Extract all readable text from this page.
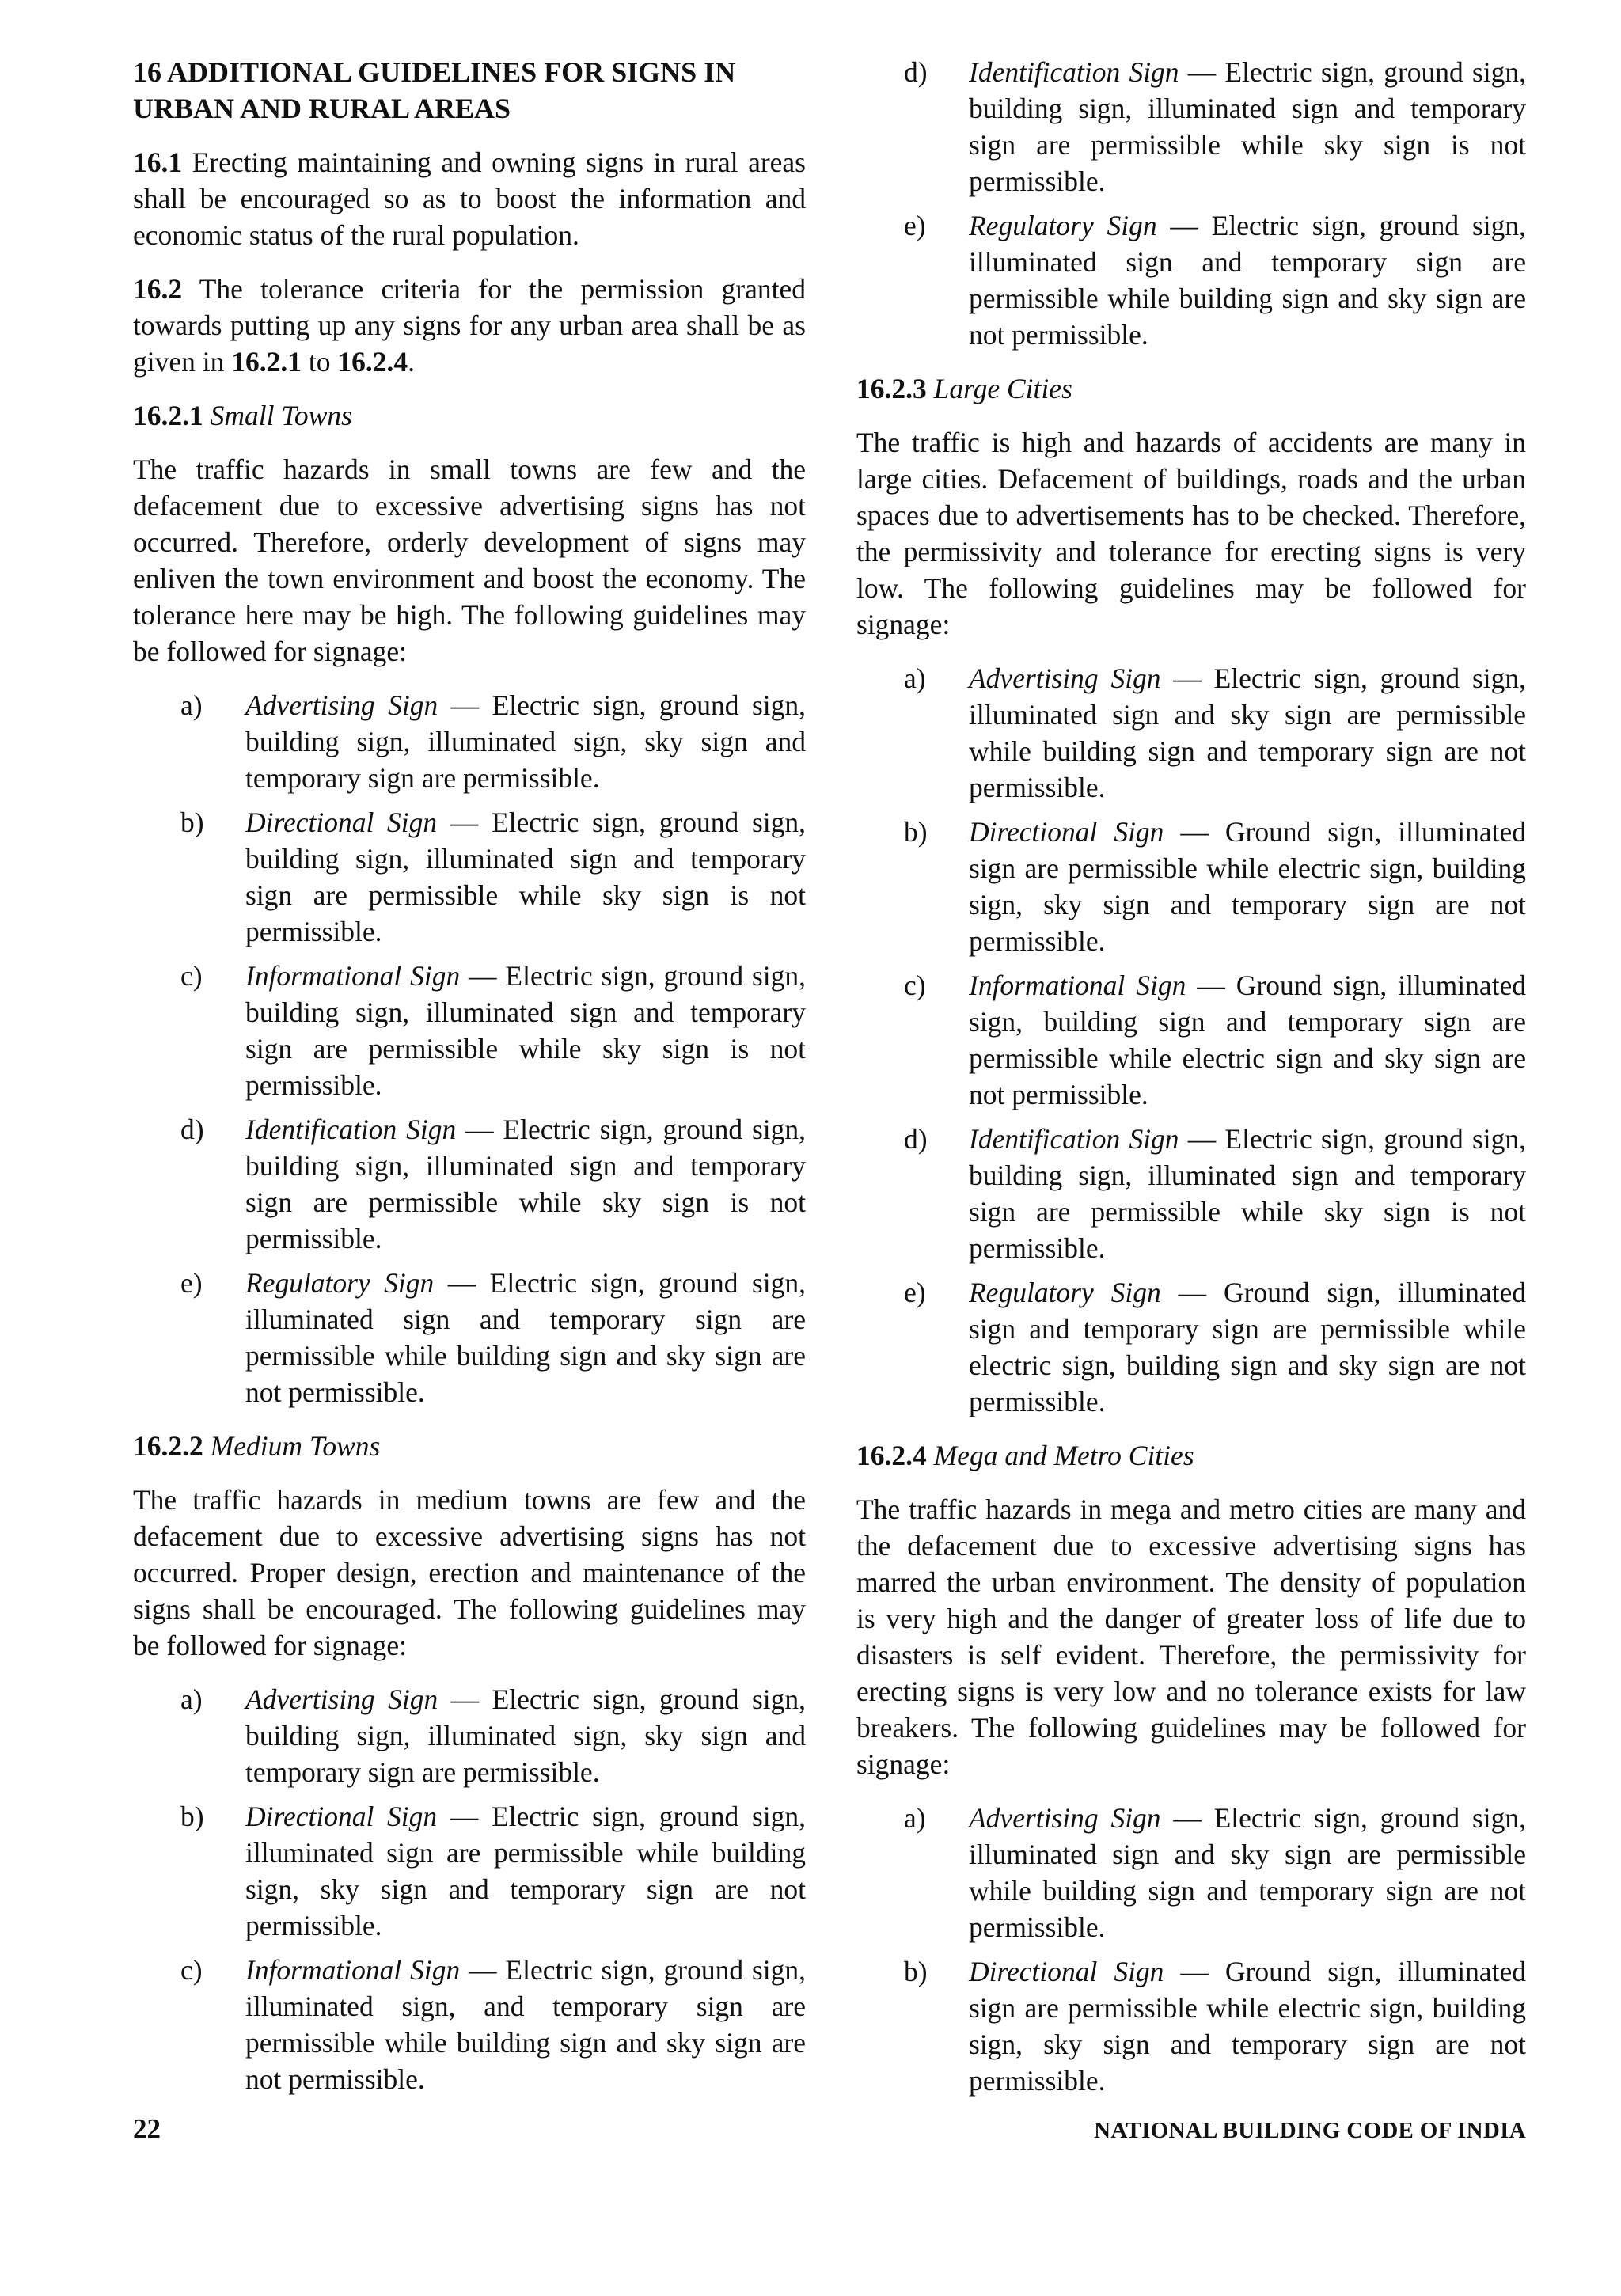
16 ADDITIONAL GUIDELINES FOR SIGNS IN URBAN AND RURAL AREAS

16.1 Erecting maintaining and owning signs in rural areas shall be encouraged so as to boost the information and economic status of the rural population.

16.2 The tolerance criteria for the permission granted towards putting up any signs for any urban area shall be as given in 16.2.1 to 16.2.4.

16.2.1 Small Towns

The traffic hazards in small towns are few and the defacement due to excessive advertising signs has not occurred. Therefore, orderly development of signs may enliven the town environment and boost the economy. The tolerance here may be high. The following guidelines may be followed for signage:

a) Advertising Sign — Electric sign, ground sign, building sign, illuminated sign, sky sign and temporary sign are permissible.
b) Directional Sign — Electric sign, ground sign, building sign, illuminated sign and temporary sign are permissible while sky sign is not permissible.
c) Informational Sign — Electric sign, ground sign, building sign, illuminated sign and temporary sign are permissible while sky sign is not permissible.
d) Identification Sign — Electric sign, ground sign, building sign, illuminated sign and temporary sign are permissible while sky sign is not permissible.
e) Regulatory Sign — Electric sign, ground sign, illuminated sign and temporary sign are permissible while building sign and sky sign are not permissible.
16.2.2 Medium Towns

The traffic hazards in medium towns are few and the defacement due to excessive advertising signs has not occurred. Proper design, erection and maintenance of the signs shall be encouraged. The following guidelines may be followed for signage:

a) Advertising Sign — Electric sign, ground sign, building sign, illuminated sign, sky sign and temporary sign are permissible.
b) Directional Sign — Electric sign, ground sign, illuminated sign are permissible while building sign, sky sign and temporary sign are not permissible.
c) Informational Sign — Electric sign, ground sign, illuminated sign, and temporary sign are permissible while building sign and sky sign are not permissible.
d) Identification Sign — Electric sign, ground sign, building sign, illuminated sign and temporary sign are permissible while sky sign is not permissible.
e) Regulatory Sign — Electric sign, ground sign, illuminated sign and temporary sign are permissible while building sign and sky sign are not permissible.
16.2.3 Large Cities

The traffic is high and hazards of accidents are many in large cities. Defacement of buildings, roads and the urban spaces due to advertisements has to be checked. Therefore, the permissivity and tolerance for erecting signs is very low. The following guidelines may be followed for signage:

a) Advertising Sign — Electric sign, ground sign, illuminated sign and sky sign are permissible while building sign and temporary sign are not permissible.
b) Directional Sign — Ground sign, illuminated sign are permissible while electric sign, building sign, sky sign and temporary sign are not permissible.
c) Informational Sign — Ground sign, illuminated sign, building sign and temporary sign are permissible while electric sign and sky sign are not permissible.
d) Identification Sign — Electric sign, ground sign, building sign, illuminated sign and temporary sign are permissible while sky sign is not permissible.
e) Regulatory Sign — Ground sign, illuminated sign and temporary sign are permissible while electric sign, building sign and sky sign are not permissible.
16.2.4 Mega and Metro Cities

The traffic hazards in mega and metro cities are many and the defacement due to excessive advertising signs has marred the urban environment. The density of population is very high and the danger of greater loss of life due to disasters is self evident. Therefore, the permissivity for erecting signs is very low and no tolerance exists for law breakers. The following guidelines may be followed for signage:

a) Advertising Sign — Electric sign, ground sign, illuminated sign and sky sign are permissible while building sign and temporary sign are not permissible.
b) Directional Sign — Ground sign, illuminated sign are permissible while electric sign, building sign, sky sign and temporary sign are not permissible.
22	NATIONAL BUILDING CODE OF INDIA
